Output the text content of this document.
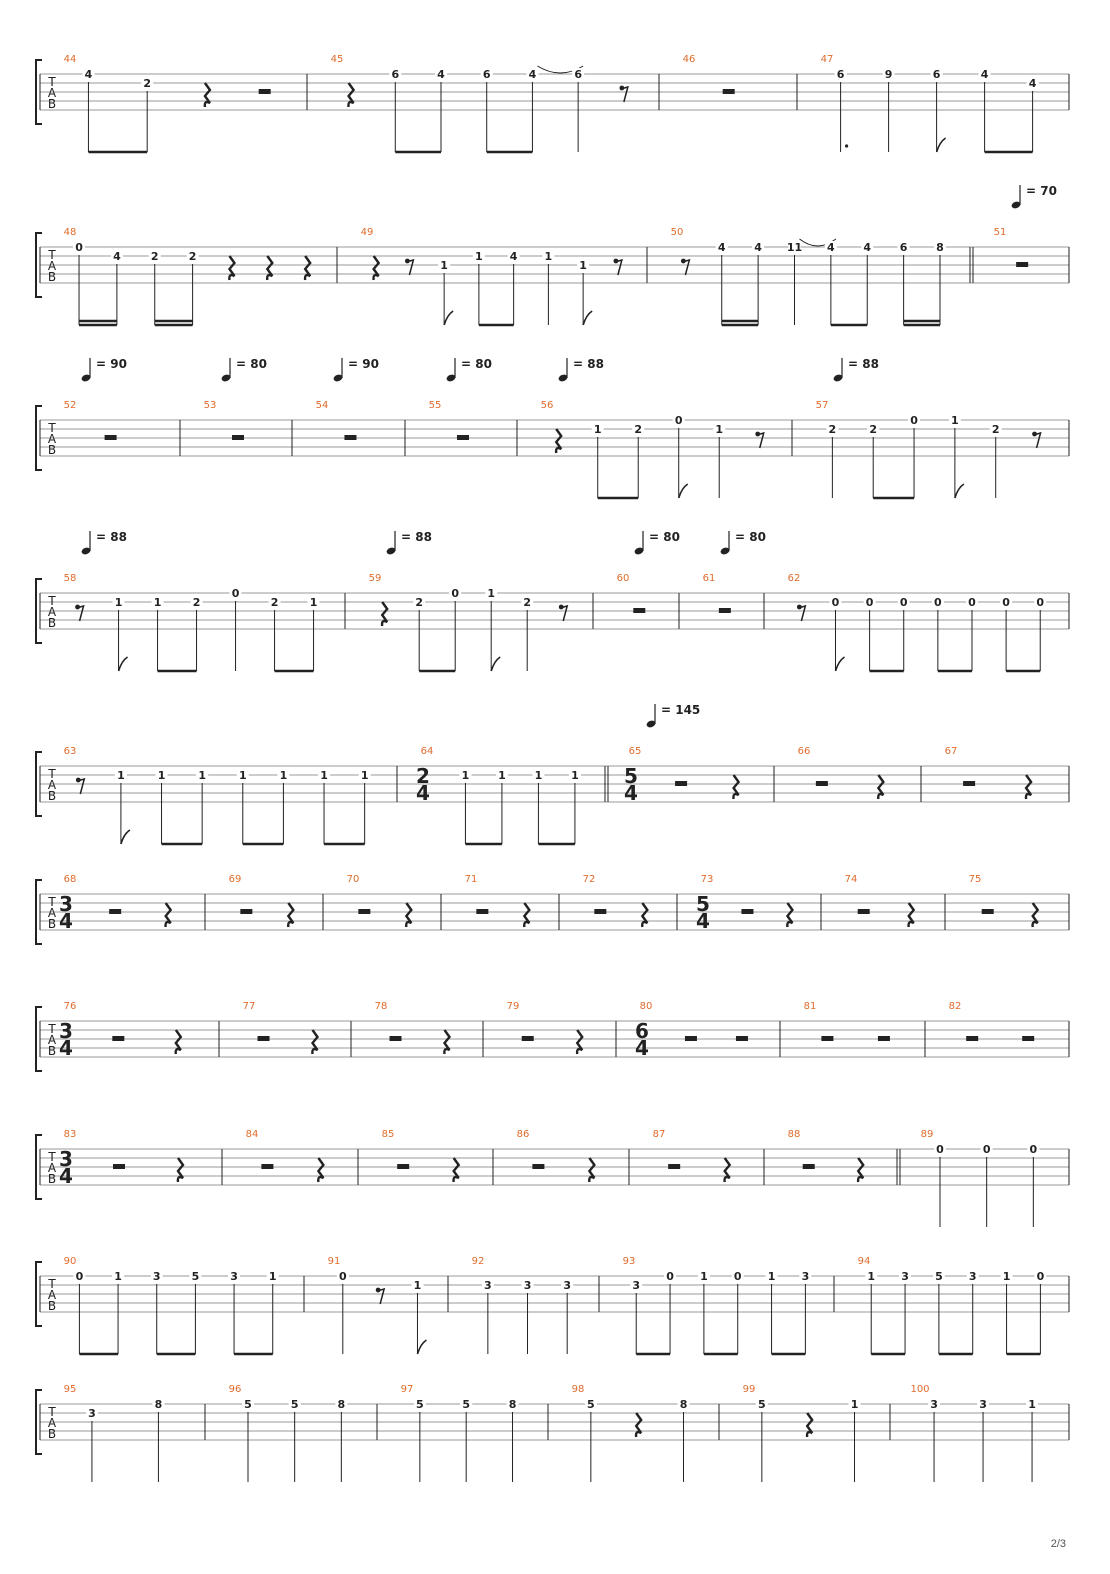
T
A
B
44
4
2
45
6	4	6	4	6
46	47
6	9	6	4
4
T
A
B
48
0
4	2	2
49
1
1 4 1
1
50
4	4 11 4	4	6	8
51
= 70
T
A
B
52	53	54	55	56
1	2
0
1
57
2	2
0	1
2
= 90	= 80	= 90	= 80	= 88	= 88
T
A
B
58
1	1	2
0
2	1
59
2
0	1
2
60	61	62
0 0 0 0 0 0 0
= 88	= 88	= 80	= 80
T
A
B
63
1	1	1	1	1	1	1
64
2
4
1	1	1	1
65
5
4
66	67
= 145
T
A
B
68
3
4
69	70	71	72	73
5
4
74	75
T
A
B
76
3
4
77	78	79	80
6
4
81	82
T
A
B
83
3
4
84	85	86	87	88	89
0	0	0
T
A
B
90
0	1	3	5	3	1
91
0
1
92
3	3	3
93
3
0 1 0 1 3
94
1 3 5 3 1 0
T
A
B
95
3
8
96
5	5	8
97
5	5	8
98
5	8
99
5	1
100
3	3	1
2/3
